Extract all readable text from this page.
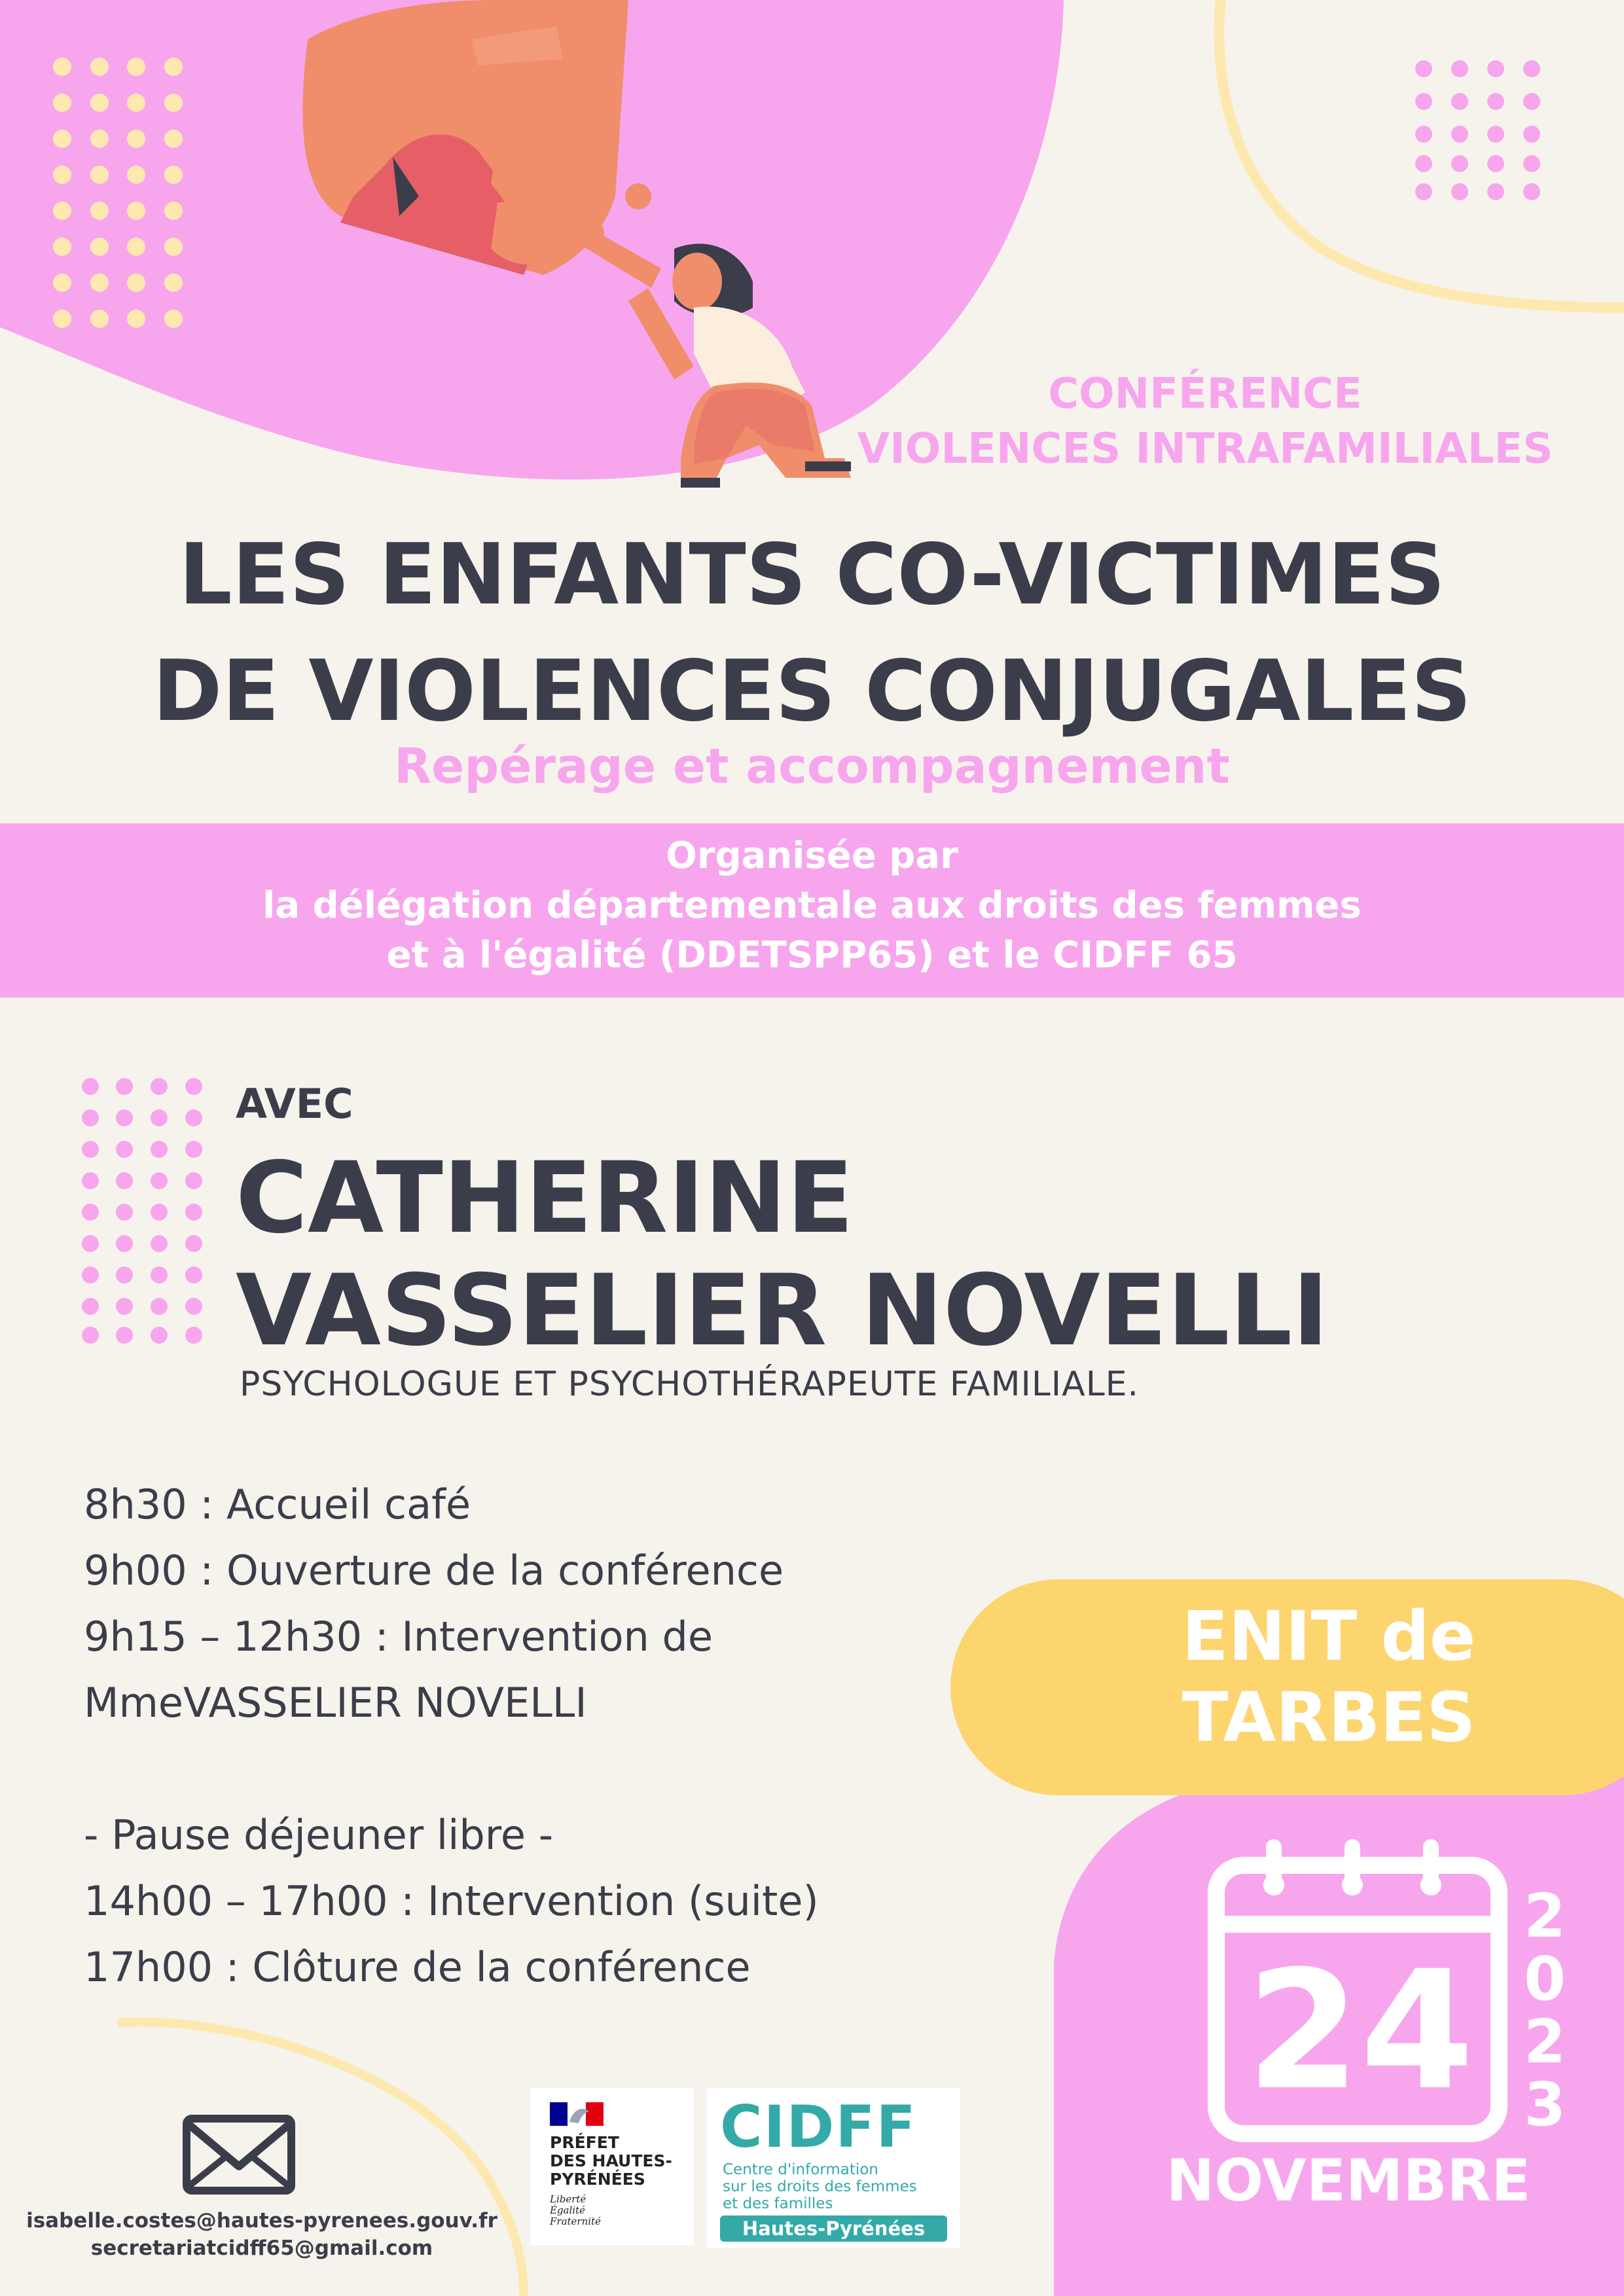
CONFÉRENCE
VIOLENCES INTRAFAMILIALES
LES ENFANTS CO-VICTIMES
DE VIOLENCES CONJUGALES
Repérage et accompagnement
Organisée par
la délégation départementale aux droits des femmes
et à l'égalité (DDETSPP65) et le CIDFF 65
AVEC
CATHERINE
VASSELIER NOVELLI
PSYCHOLOGUE ET PSYCHOTHÉRAPEUTE FAMILIALE.
8h30 : Accueil café
9h00 : Ouverture de la conférence
9h15 – 12h30 : Intervention de
MmeVASSELIER NOVELLI

- Pause déjeuner libre -
14h00 – 17h00 : Intervention (suite)
17h00 : Clôture de la conférence
ENIT de
TARBES
24
2
0
2
3
NOVEMBRE
isabelle.costes@hautes-pyrenees.gouv.fr
secretariatcidff65@gmail.com
PRÉFET
DES HAUTES-
PYRÉNÉES
Liberté
Égalité
Fraternité
CIDFF
Centre d'information
sur les droits des femmes
et des familles
Hautes-Pyrénées
